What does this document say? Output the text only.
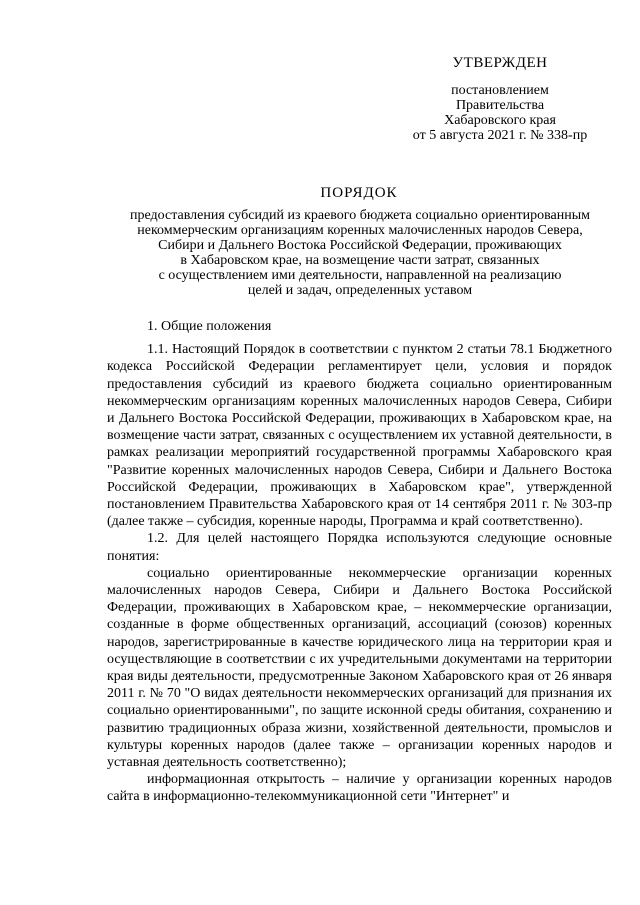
УТВЕРЖДЕН
постановлением
Правительства
Хабаровского края
от 5 августа 2021 г. № 338-пр
ПОРЯДОК
предоставления субсидий из краевого бюджета социально ориентированным
некоммерческим организациям коренных малочисленных народов Севера,
Сибири и Дальнего Востока Российской Федерации, проживающих
в Хабаровском крае, на возмещение части затрат, связанных
с осуществлением ими деятельности, направленной на реализацию
целей и задач, определенных уставом
1. Общие положения

1.1. Настоящий Порядок в соответствии с пунктом 2 статьи 78.1 Бюджетного кодекса Российской Федерации регламентирует цели, условия и порядок предоставления субсидий из краевого бюджета социально ориентированным некоммерческим организациям коренных малочисленных народов Севера, Сибири и Дальнего Востока Российской Федерации, проживающих в Хабаровском крае, на возмещение части затрат, связанных с осуществлением их уставной деятельности, в рамках реализации мероприятий государственной программы Хабаровского края "Развитие коренных малочисленных народов Севера, Сибири и Дальнего Востока Российской Федерации, проживающих в Хабаровском крае", утвержденной постановлением Правительства Хабаровского края от 14 сентября 2011 г. № 303-пр (далее также – субсидия, коренные народы, Программа и край соответственно).

1.2. Для целей настоящего Порядка используются следующие основные понятия:

социально ориентированные некоммерческие организации коренных малочисленных народов Севера, Сибири и Дальнего Востока Российской Федерации, проживающих в Хабаровском крае, – некоммерческие организации, созданные в форме общественных организаций, ассоциаций (союзов) коренных народов, зарегистрированные в качестве юридического лица на территории края и осуществляющие в соответствии с их учредительными документами на территории края виды деятельности, предусмотренные Законом Хабаровского края от 26 января 2011 г. № 70 "О видах деятельности некоммерческих организаций для признания их социально ориентированными", по защите исконной среды обитания, сохранению и развитию традиционных образа жизни, хозяйственной деятельности, промыслов и культуры коренных народов (далее также – организации коренных народов и уставная деятельность соответственно);

информационная открытость – наличие у организации коренных народов сайта в информационно-телекоммуникационной сети "Интернет" и
